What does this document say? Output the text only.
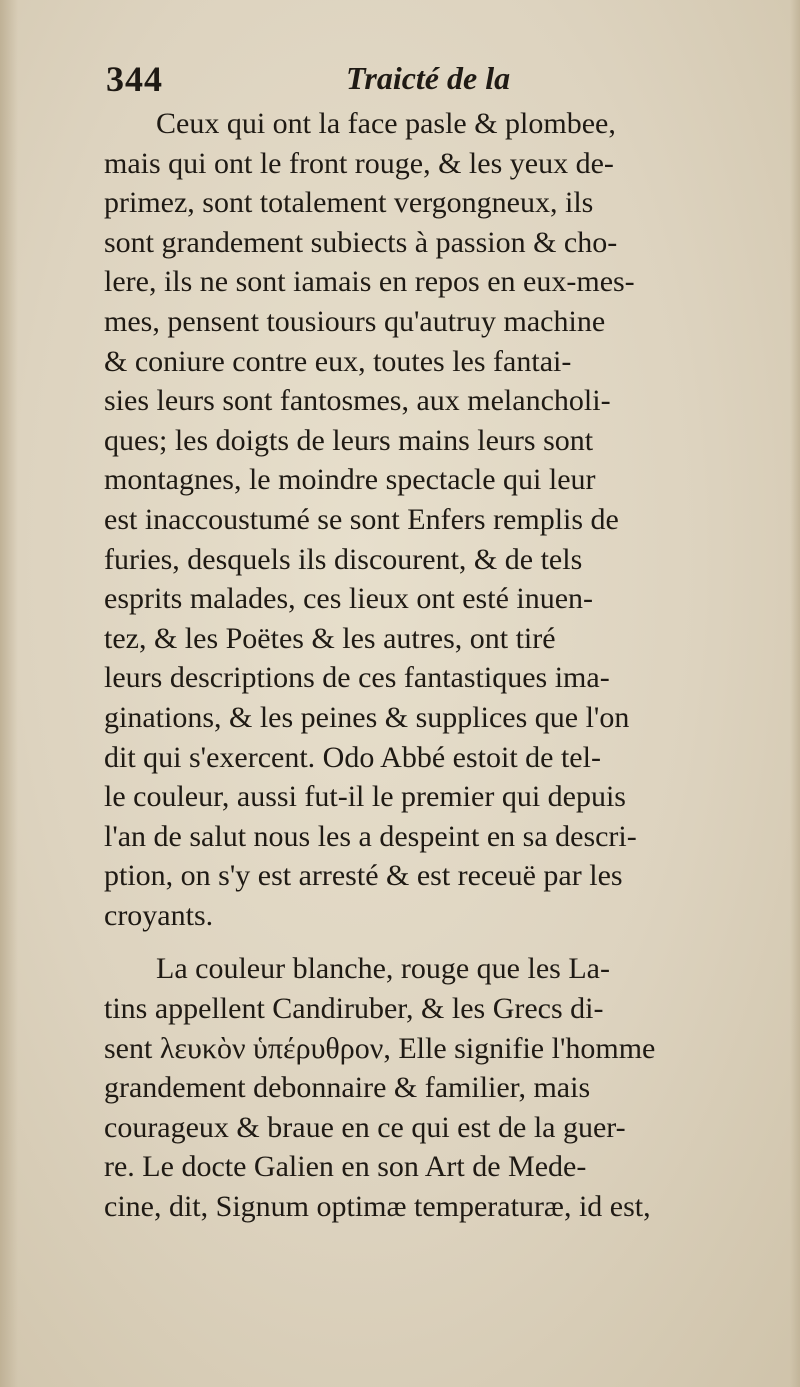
344	Traicté de la
Ceux qui ont la face pasle & plombee,
mais qui ont le front rouge, & les yeux de-
primez, sont totalement vergongneux, ils
sont grandement subiects à passion & cho-
lere, ils ne sont iamais en repos en eux-mes-
mes, pensent tousiours qu'autruy machine
& coniure contre eux, toutes les fantai-
sies leurs sont fantosmes, aux melancholi-
ques; les doigts de leurs mains leurs sont
montagnes, le moindre spectacle qui leur
est inaccoustumé se sont Enfers remplis de
furies, desquels ils discourent, & de tels
esprits malades, ces lieux ont esté inuen-
tez, & les Poëtes & les autres, ont tiré
leurs descriptions de ces fantastiques ima-
ginations, & les peines & supplices que l'on
dit qui s'exercent. Odo Abbé estoit de tel-
le couleur, aussi fut-il le premier qui depuis
l'an de salut nous les a despeint en sa descri-
ption, on s'y est arresté & est receuë par les
croyants.
La couleur blanche, rouge que les La-
tins appellent Candiruber, & les Grecs di-
sent λευκὸν ὑπέρυθρον, Elle signifie l'homme
grandement debonnaire & familier, mais
courageux & braue en ce qui est de la guer-
re. Le docte Galien en son Art de Mede-
cine, dit, Signum optimæ temperaturæ, id est,
